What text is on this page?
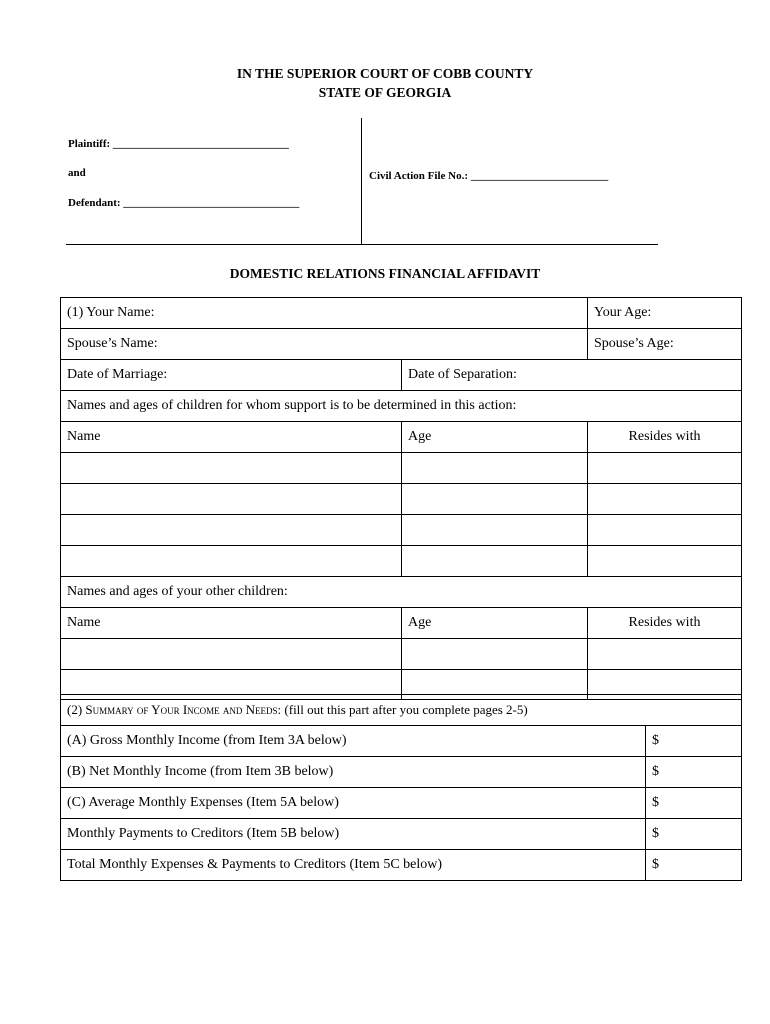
IN THE SUPERIOR COURT OF COBB COUNTY
STATE OF GEORGIA
Plaintiff: ________________________________
and
Defendant: ________________________________
Civil Action File No.: _________________________
DOMESTIC RELATIONS FINANCIAL AFFIDAVIT
(1) Your Name:		Your Age:
Spouse’s Name:		Spouse’s Age:
Date of Marriage:	Date of Separation:	
Names and ages of children for whom support is to be determined in this action:		
Name	Age	Resides with

Names and ages of your other children:		
Name	Age	Resides with

(2) Summary of Your Income and Needs: (fill out this part after you complete pages 2-5)	
(A) Gross Monthly Income (from Item 3A below)	$
(B) Net Monthly Income (from Item 3B below)	$
(C) Average Monthly Expenses (Item 5A below)	$
Monthly Payments to Creditors (Item 5B below)	$
Total Monthly Expenses & Payments to Creditors (Item 5C below)	$
